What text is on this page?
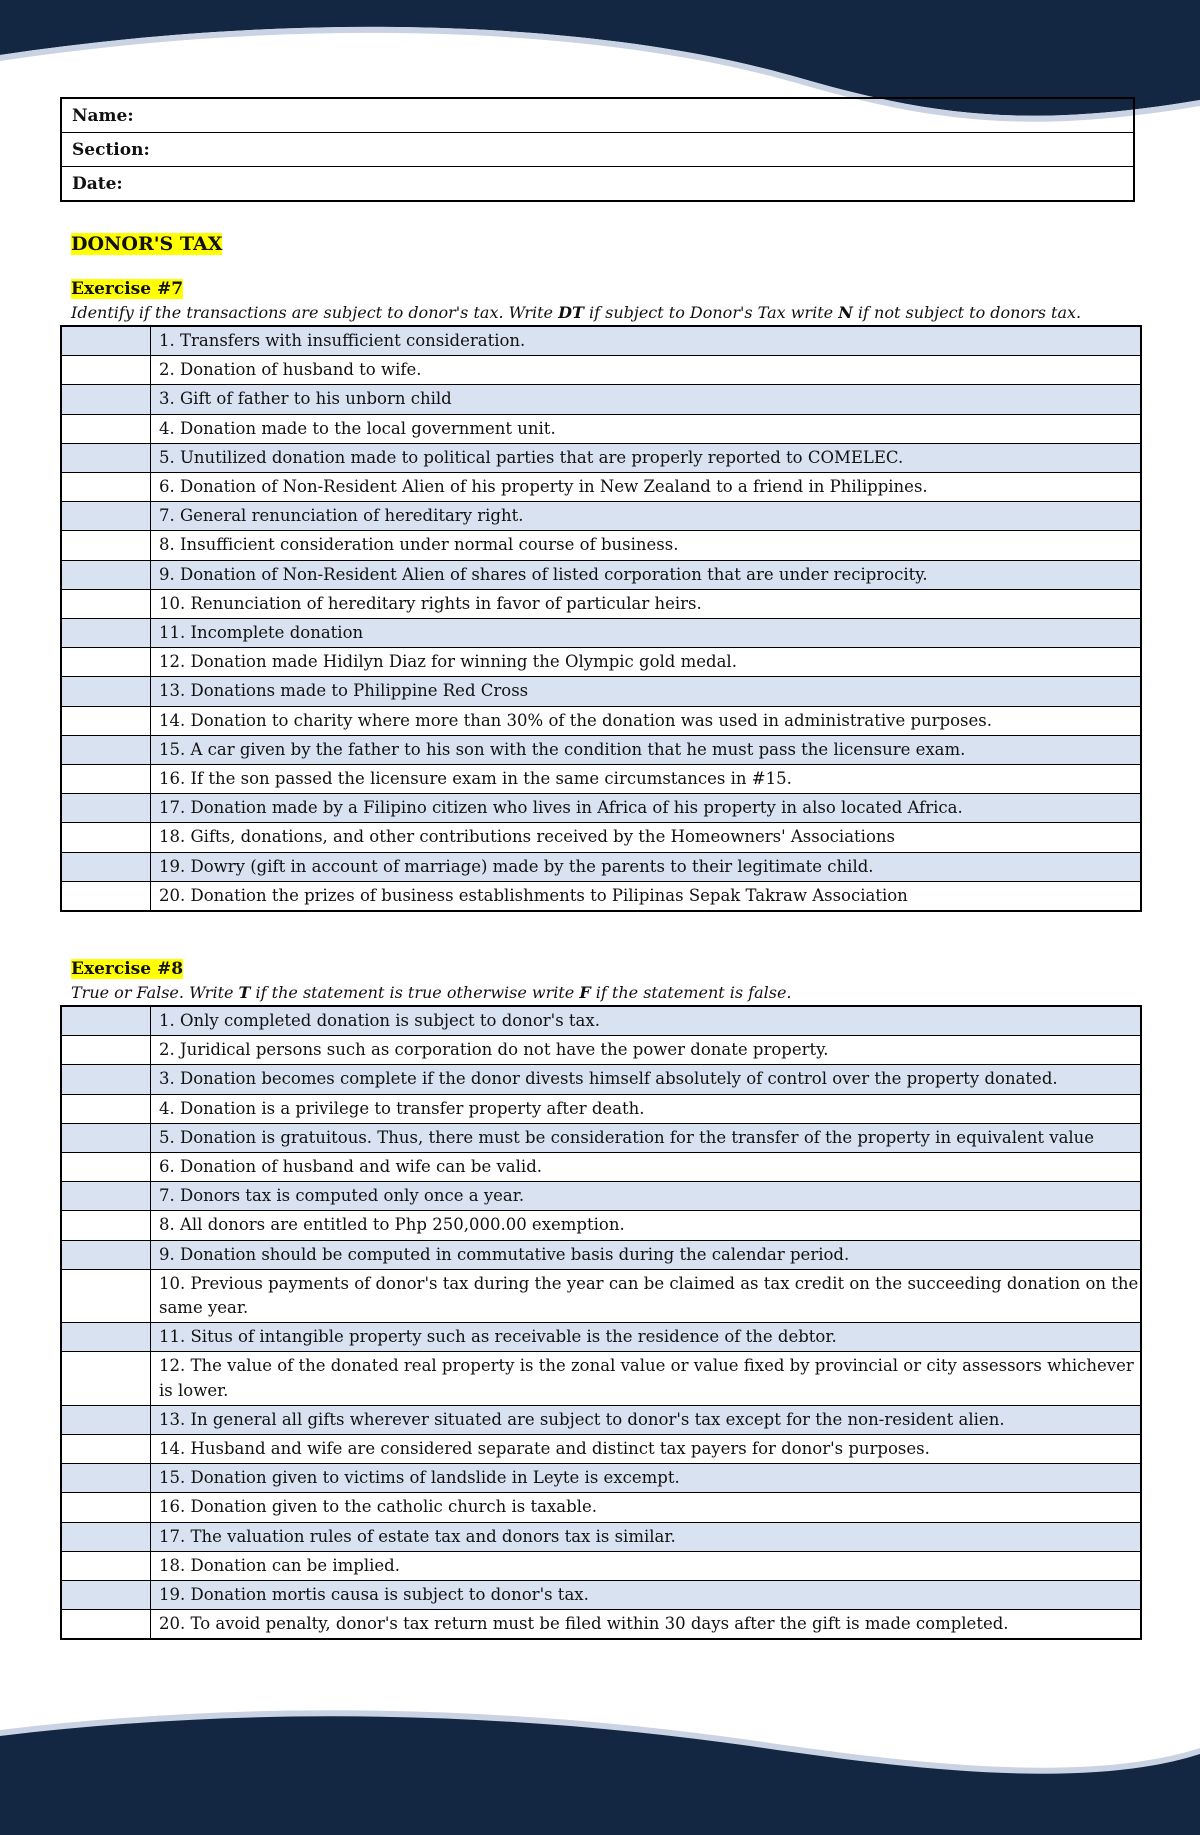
Name:
Section:
Date:
DONOR'S TAX
Exercise #7
Identify if the transactions are subject to donor's tax. Write DT if subject to Donor's Tax write N if not subject to donors tax.
	1. Transfers with insufficient consideration.
	2. Donation of husband to wife.
	3. Gift of father to his unborn child
	4. Donation made to the local government unit.
	5. Unutilized donation made to political parties that are properly reported to COMELEC.
	6. Donation of Non-Resident Alien of his property in New Zealand to a friend in Philippines.
	7. General renunciation of hereditary right.
	8. Insufficient consideration under normal course of business.
	9. Donation of Non-Resident Alien of shares of listed corporation that are under reciprocity.
	10. Renunciation of hereditary rights in favor of particular heirs.
	11. Incomplete donation
	12. Donation made Hidilyn Diaz for winning the Olympic gold medal.
	13. Donations made to Philippine Red Cross
	14. Donation to charity where more than 30% of the donation was used in administrative purposes.
	15. A car given by the father to his son with the condition that he must pass the licensure exam.
	16. If the son passed the licensure exam in the same circumstances in #15.
	17. Donation made by a Filipino citizen who lives in Africa of his property in also located Africa.
	18. Gifts, donations, and other contributions received by the Homeowners' Associations
	19. Dowry (gift in account of marriage) made by the parents to their legitimate child.
	20. Donation the prizes of business establishments to Pilipinas Sepak Takraw Association
Exercise #8
True or False. Write T if the statement is true otherwise write F if the statement is false.
	1. Only completed donation is subject to donor's tax.
	2. Juridical persons such as corporation do not have the power donate property.
	3. Donation becomes complete if the donor divests himself absolutely of control over the property donated.
	4. Donation is a privilege to transfer property after death.
	5. Donation is gratuitous. Thus, there must be consideration for the transfer of the property in equivalent value
	6. Donation of husband and wife can be valid.
	7. Donors tax is computed only once a year.
	8. All donors are entitled to Php 250,000.00 exemption.
	9. Donation should be computed in commutative basis during the calendar period.
	10. Previous payments of donor's tax during the year can be claimed as tax credit on the succeeding donation on the same year.
	11. Situs of intangible property such as receivable is the residence of the debtor.
	12. The value of the donated real property is the zonal value or value fixed by provincial or city assessors whichever is lower.
	13. In general all gifts wherever situated are subject to donor's tax except for the non-resident alien.
	14. Husband and wife are considered separate and distinct tax payers for donor's purposes.
	15. Donation given to victims of landslide in Leyte is excempt.
	16. Donation given to the catholic church is taxable.
	17. The valuation rules of estate tax and donors tax is similar.
	18. Donation can be implied.
	19. Donation mortis causa is subject to donor's tax.
	20. To avoid penalty, donor's tax return must be filed within 30 days after the gift is made completed.
